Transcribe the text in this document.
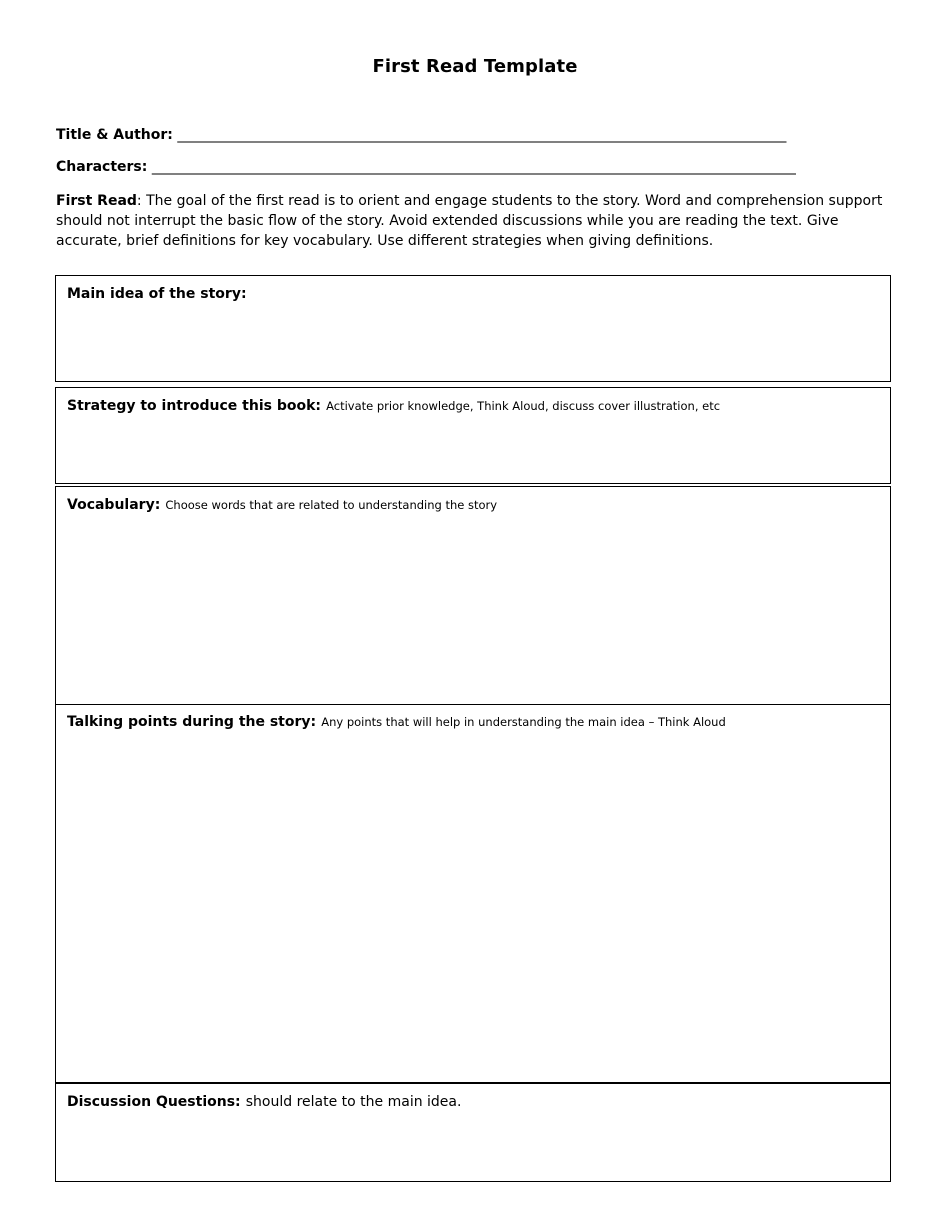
First Read Template
Title & Author: _______________________________________________________________________________________
Characters: ____________________________________________________________________________________________
First Read: The goal of the first read is to orient and engage students to the story. Word and comprehension support should not interrupt the basic flow of the story. Avoid extended discussions while you are reading the text. Give accurate, brief definitions for key vocabulary. Use different strategies when giving definitions.
Main idea of the story:
Strategy to introduce this book: Activate prior knowledge, Think Aloud, discuss cover illustration, etc
Vocabulary: Choose words that are related to understanding the story
Talking points during the story: Any points that will help in understanding the main idea – Think Aloud
Discussion Questions: should relate to the main idea.
